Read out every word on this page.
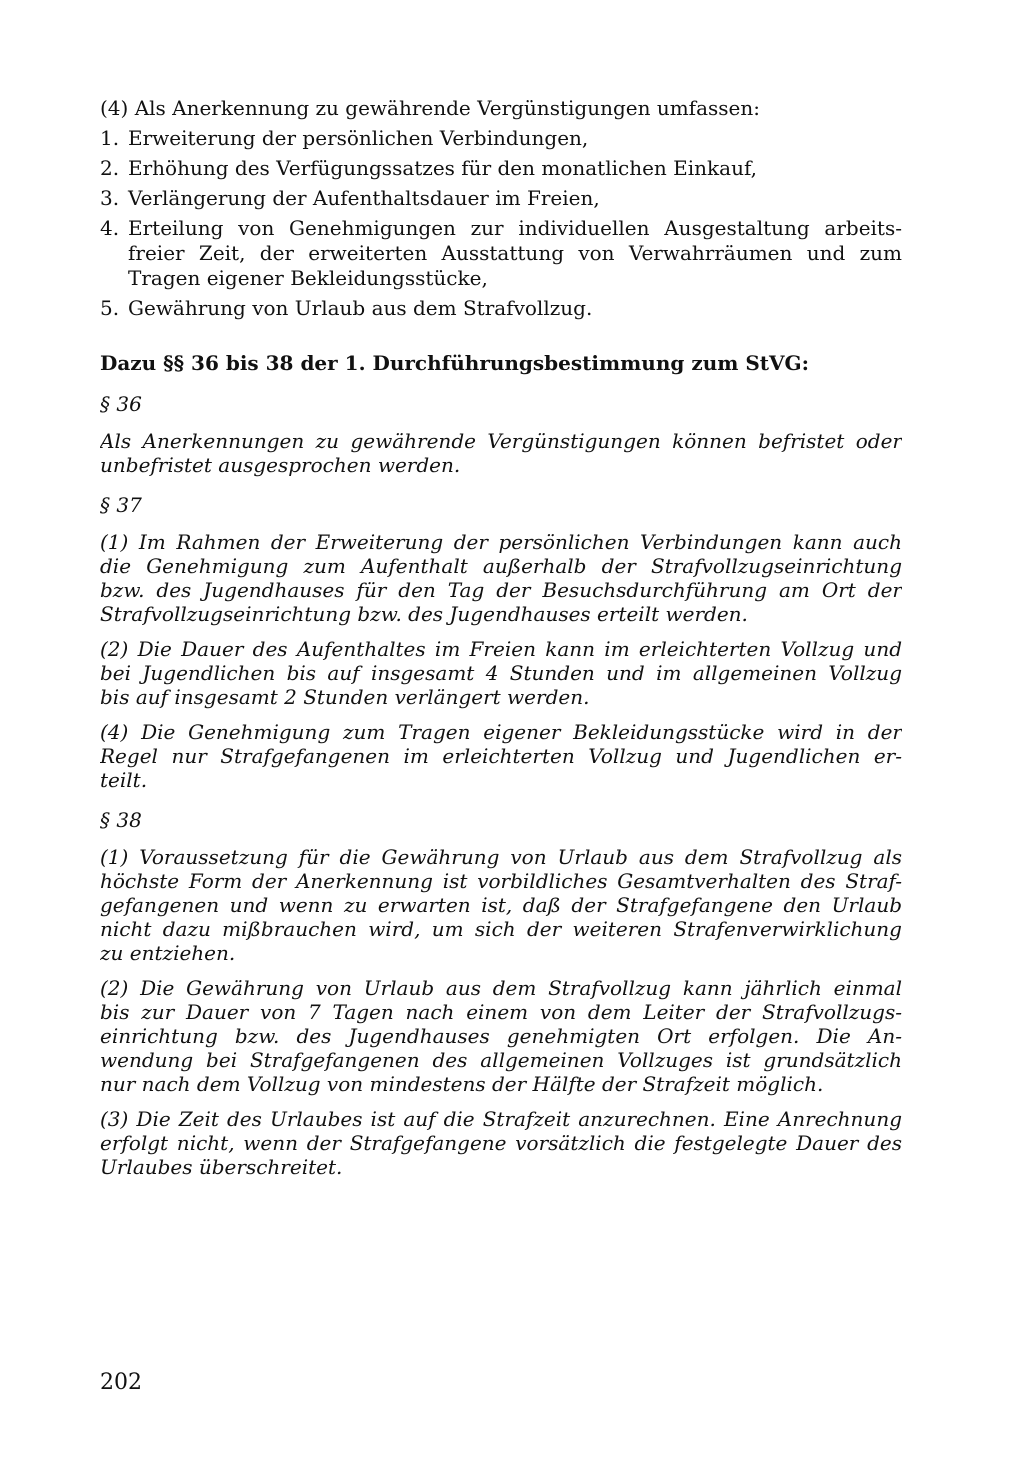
(4) Als Anerkennung zu gewährende Vergünstigungen umfassen:
1. Erweiterung der persönlichen Verbindungen,
2. Erhöhung des Verfügungssatzes für den monatlichen Einkauf,
3. Verlängerung der Aufenthaltsdauer im Freien,
4. Erteilung von Genehmigungen zur individuellen Ausgestaltung arbeits-
freier Zeit, der erweiterten Ausstattung von Verwahrräumen und zum
Tragen eigener Bekleidungsstücke,
5. Gewährung von Urlaub aus dem Strafvollzug.
Dazu §§ 36 bis 38 der 1. Durchführungsbestimmung zum StVG:
§ 36
Als Anerkennungen zu gewährende Vergünstigungen können befristet oder
unbefristet ausgesprochen werden.
§ 37
(1) Im Rahmen der Erweiterung der persönlichen Verbindungen kann auch
die Genehmigung zum Aufenthalt außerhalb der Strafvollzugseinrichtung
bzw. des Jugendhauses für den Tag der Besuchsdurchführung am Ort der
Strafvollzugseinrichtung bzw. des Jugendhauses erteilt werden.
(2) Die Dauer des Aufenthaltes im Freien kann im erleichterten Vollzug und
bei Jugendlichen bis auf insgesamt 4 Stunden und im allgemeinen Vollzug
bis auf insgesamt 2 Stunden verlängert werden.
(4) Die Genehmigung zum Tragen eigener Bekleidungsstücke wird in der
Regel nur Strafgefangenen im erleichterten Vollzug und Jugendlichen er-
teilt.
§ 38
(1) Voraussetzung für die Gewährung von Urlaub aus dem Strafvollzug als
höchste Form der Anerkennung ist vorbildliches Gesamtverhalten des Straf-
gefangenen und wenn zu erwarten ist, daß der Strafgefangene den Urlaub
nicht dazu mißbrauchen wird, um sich der weiteren Strafenverwirklichung
zu entziehen.
(2) Die Gewährung von Urlaub aus dem Strafvollzug kann jährlich einmal
bis zur Dauer von 7 Tagen nach einem von dem Leiter der Strafvollzugs-
einrichtung bzw. des Jugendhauses genehmigten Ort erfolgen. Die An-
wendung bei Strafgefangenen des allgemeinen Vollzuges ist grundsätzlich
nur nach dem Vollzug von mindestens der Hälfte der Strafzeit möglich.
(3) Die Zeit des Urlaubes ist auf die Strafzeit anzurechnen. Eine Anrechnung
erfolgt nicht, wenn der Strafgefangene vorsätzlich die festgelegte Dauer des
Urlaubes überschreitet.
202
